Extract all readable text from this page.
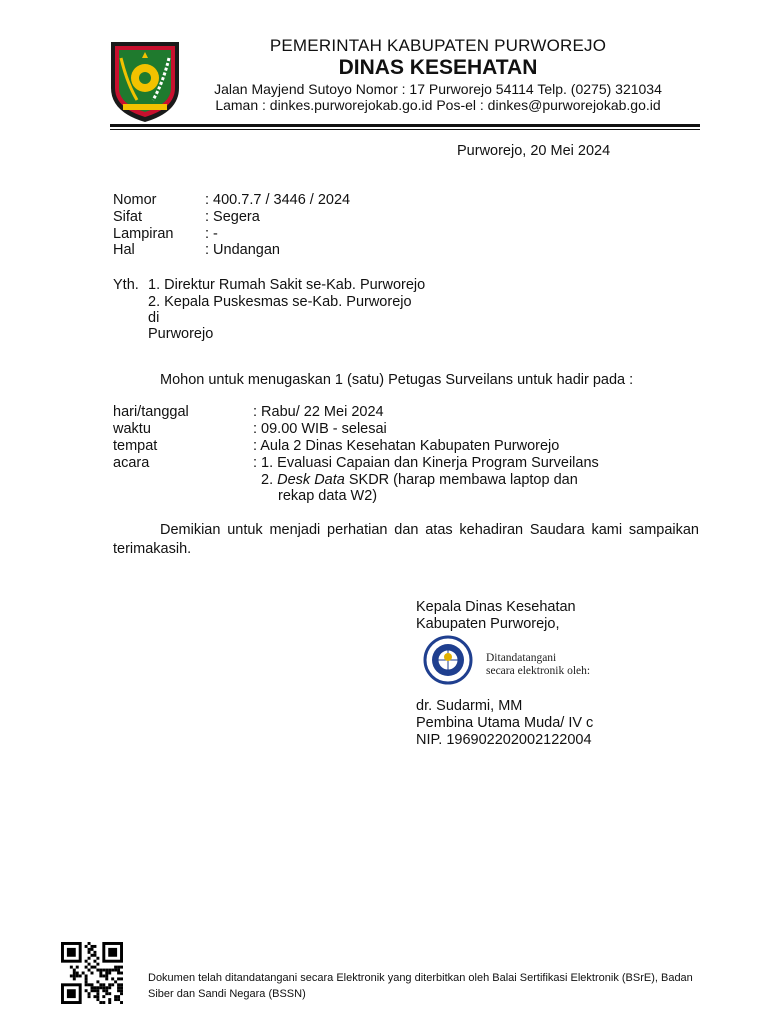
PEMERINTAH KABUPATEN PURWOREJO
DINAS KESEHATAN
Jalan Mayjend Sutoyo Nomor : 17 Purworejo 54114 Telp. (0275) 321034
Laman : dinkes.purworejokab.go.id Pos-el : dinkes@purworejokab.go.id
Purworejo, 20 Mei 2024
Nomor	: 400.7.7 / 3446 / 2024
Sifat	: Segera
Lampiran : -
Hal	: Undangan
Yth. 1. Direktur Rumah Sakit se-Kab. Purworejo
2. Kepala Puskesmas se-Kab. Purworejo
di
Purworejo
Mohon untuk menugaskan 1 (satu) Petugas Surveilans untuk hadir pada :
hari/tanggal	: Rabu/ 22 Mei 2024
waktu	: 09.00 WIB - selesai
tempat	: Aula 2 Dinas Kesehatan Kabupaten Purworejo
acara	: 1. Evaluasi Capaian dan Kinerja Program Surveilans
2. Desk Data SKDR (harap membawa laptop dan
rekap data W2)
Demikian untuk menjadi perhatian dan atas kehadiran Saudara kami sampaikan terimakasih.
Kepala Dinas Kesehatan
Kabupaten Purworejo,
Ditandatangani
secara elektronik oleh:
dr. Sudarmi, MM
Pembina Utama Muda/ IV c
NIP. 196902202002122004
Dokumen telah ditandatangani secara Elektronik yang diterbitkan oleh Balai Sertifikasi Elektronik (BSrE), Badan
Siber dan Sandi Negara (BSSN)
